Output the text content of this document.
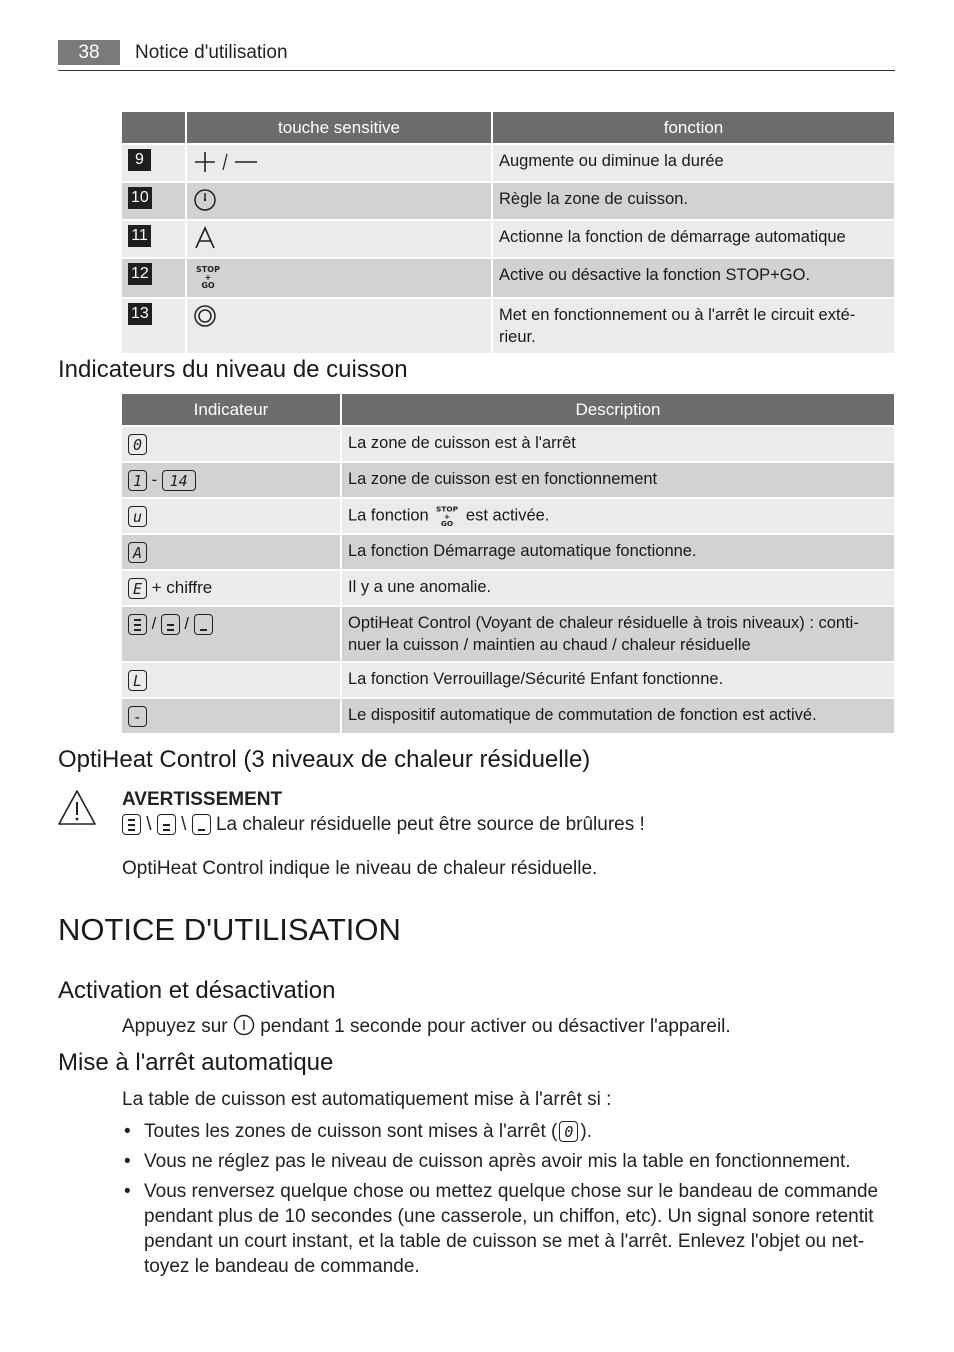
38	Notice d'utilisation
	touche sensitive	fonction
9		Augmente ou diminue la durée

10		Règle la zone de cuisson.

11		Actionne la fonction de démarrage automatique

12	STOP
+
GO	Active ou désactive la fonction STOP+GO.

13		Met en fonctionnement ou à l'arrêt le circuit exté-rieur.
Indicateurs du niveau de cuisson
Indicateur	Description

0	La zone de cuisson est à l'arrêt

1 - 14	La zone de cuisson est en fonctionnement

u	La fonction STOP
+
GO est activée.

A	La fonction Démarrage automatique fonctionne.

E + chiffre	Il y a une anomalie.

/ /	OptiHeat Control (Voyant de chaleur résiduelle à trois niveaux) : conti-nuer la cuisson / maintien au chaud / chaleur résiduelle

L	La fonction Verrouillage/Sécurité Enfant fonctionne.

-	Le dispositif automatique de commutation de fonction est activé.
OptiHeat Control (3 niveaux de chaleur résiduelle)
AVERTISSEMENT
\ \ La chaleur résiduelle peut être source de brûlures !
OptiHeat Control indique le niveau de chaleur résiduelle.
NOTICE D'UTILISATION
Activation et désactivation
Appuyez sur pendant 1 seconde pour activer ou désactiver l'appareil.
Mise à l'arrêt automatique
La table de cuisson est automatiquement mise à l'arrêt si :
• Toutes les zones de cuisson sont mises à l'arrêt ( 0 ).
• Vous ne réglez pas le niveau de cuisson après avoir mis la table en fonctionnement.
• Vous renversez quelque chose ou mettez quelque chose sur le bandeau de commande pendant plus de 10 secondes (une casserole, un chiffon, etc). Un signal sonore retentit pendant un court instant, et la table de cuisson se met à l'arrêt. Enlevez l'objet ou net-toyez le bandeau de commande.
